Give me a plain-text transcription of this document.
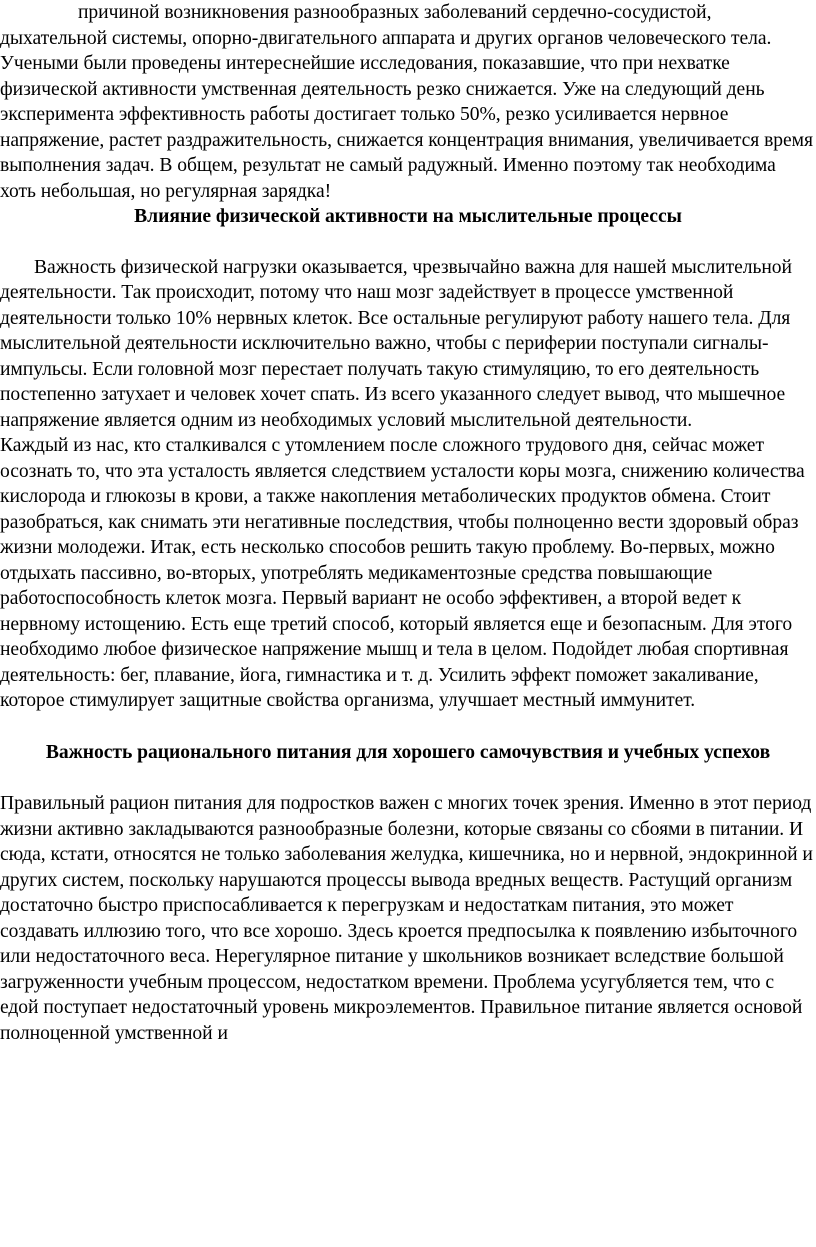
причиной возникновения разнообразных заболеваний сердечно-сосудистой, дыхательной системы, опорно-двигательного аппарата и других органов человеческого тела. Учеными были проведены интереснейшие исследования, показавшие, что при нехватке физической активности умственная деятельность резко снижается. Уже на следующий день эксперимента эффективность работы достигает только 50%, резко усиливается нервное напряжение, растет раздражительность, снижается концентрация внимания, увеличивается время выполнения задач. В общем, результат не самый радужный. Именно поэтому так необходима хоть небольшая, но регулярная зарядка!

Влияние физической активности на мыслительные процессы

Важность физической нагрузки оказывается, чрезвычайно важна для нашей мыслительной деятельности. Так происходит, потому что наш мозг задействует в процессе умственной деятельности только 10% нервных клеток. Все остальные регулируют работу нашего тела. Для мыслительной деятельности исключительно важно, чтобы с периферии поступали сигналы-импульсы. Если головной мозг перестает получать такую стимуляцию, то его деятельность постепенно затухает и человек хочет спать. Из всего указанного следует вывод, что мышечное напряжение является одним из необходимых условий мыслительной деятельности.

Каждый из нас, кто сталкивался с утомлением после сложного трудового дня, сейчас может осознать то, что эта усталость является следствием усталости коры мозга, снижению количества кислорода и глюкозы в крови, а также накопления метаболических продуктов обмена. Стоит разобраться, как снимать эти негативные последствия, чтобы полноценно вести здоровый образ жизни молодежи. Итак, есть несколько способов решить такую проблему. Во-первых, можно отдыхать пассивно, во-вторых, употреблять медикаментозные средства повышающие работоспособность клеток мозга. Первый вариант не особо эффективен, а второй ведет к нервному истощению. Есть еще третий способ, который является еще и безопасным. Для этого необходимо любое физическое напряжение мышц и тела в целом. Подойдет любая спортивная деятельность: бег, плавание, йога, гимнастика и т. д. Усилить эффект поможет закаливание, которое стимулирует защитные свойства организма, улучшает местный иммунитет.

Важность рационального питания для хорошего самочувствия и учебных успехов

Правильный рацион питания для подростков важен с многих точек зрения. Именно в этот период жизни активно закладываются разнообразные болезни, которые связаны со сбоями в питании. И сюда, кстати, относятся не только заболевания желудка, кишечника, но и нервной, эндокринной и других систем, поскольку нарушаются процессы вывода вредных веществ. Растущий организм достаточно быстро приспосабливается к перегрузкам и недостаткам питания, это может создавать иллюзию того, что все хорошо. Здесь кроется предпосылка к появлению избыточного или недостаточного веса. Нерегулярное питание у школьников возникает вследствие большой загруженности учебным процессом, недостатком времени. Проблема усугубляется тем, что с едой поступает недостаточный уровень микроэлементов. Правильное питание является основой полноценной умственной и
